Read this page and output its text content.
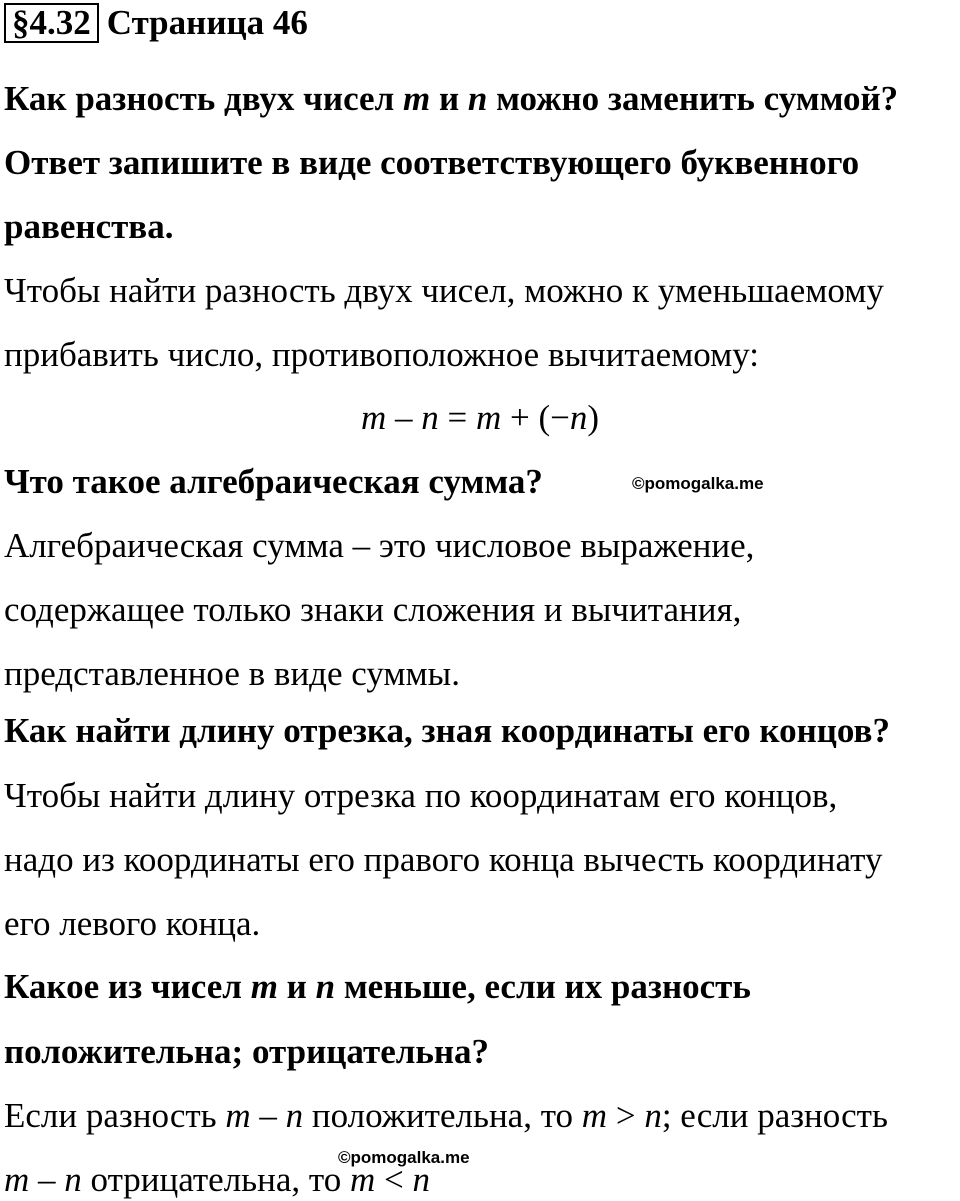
§4.32 Страница 46
Как разность двух чисел m и n можно заменить суммой?
Ответ запишите в виде соответствующего буквенного
равенства.
Чтобы найти разность двух чисел, можно к уменьшаемому
прибавить число, противоположное вычитаемому:
m – n = m + (−n)
Что такое алгебраическая сумма?	©pomogalka.me
Алгебраическая сумма – это числовое выражение,
содержащее только знаки сложения и вычитания,
представленное в виде суммы.
Как найти длину отрезка, зная координаты его концов?
Чтобы найти длину отрезка по координатам его концов,
надо из координаты его правого конца вычесть координату
его левого конца.
Какое из чисел m и n меньше, если их разность
положительна; отрицательна?
Если разность m – n положительна, то m > n; если разность
©pomogalka.me
m – n отрицательна, то m < n
